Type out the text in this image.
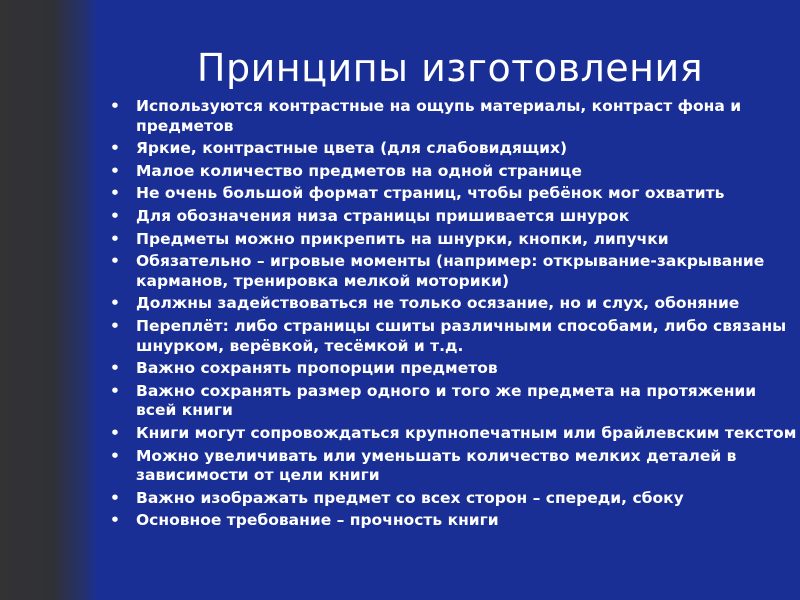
Принципы изготовления
• Используются контрастные на ощупь материалы, контраст фона и предметов
• Яркие, контрастные цвета (для слабовидящих)
• Малое количество предметов на одной странице
• Не очень большой формат страниц, чтобы ребёнок мог охватить
• Для обозначения низа страницы пришивается шнурок
• Предметы можно прикрепить на шнурки, кнопки, липучки
• Обязательно – игровые моменты (например: открывание-закрывание карманов, тренировка мелкой моторики)
• Должны задействоваться не только осязание, но и слух, обоняние
• Переплёт: либо страницы сшиты различными способами, либо связаны шнурком, верёвкой, тесёмкой и т.д.
• Важно сохранять пропорции предметов
• Важно сохранять размер одного и того же предмета на протяжении всей книги
• Книги могут сопровождаться крупнопечатным или брайлевским текстом
• Можно увеличивать или уменьшать количество мелких деталей в зависимости от цели книги
• Важно изображать предмет со всех сторон – спереди, сбоку
• Основное требование – прочность книги
